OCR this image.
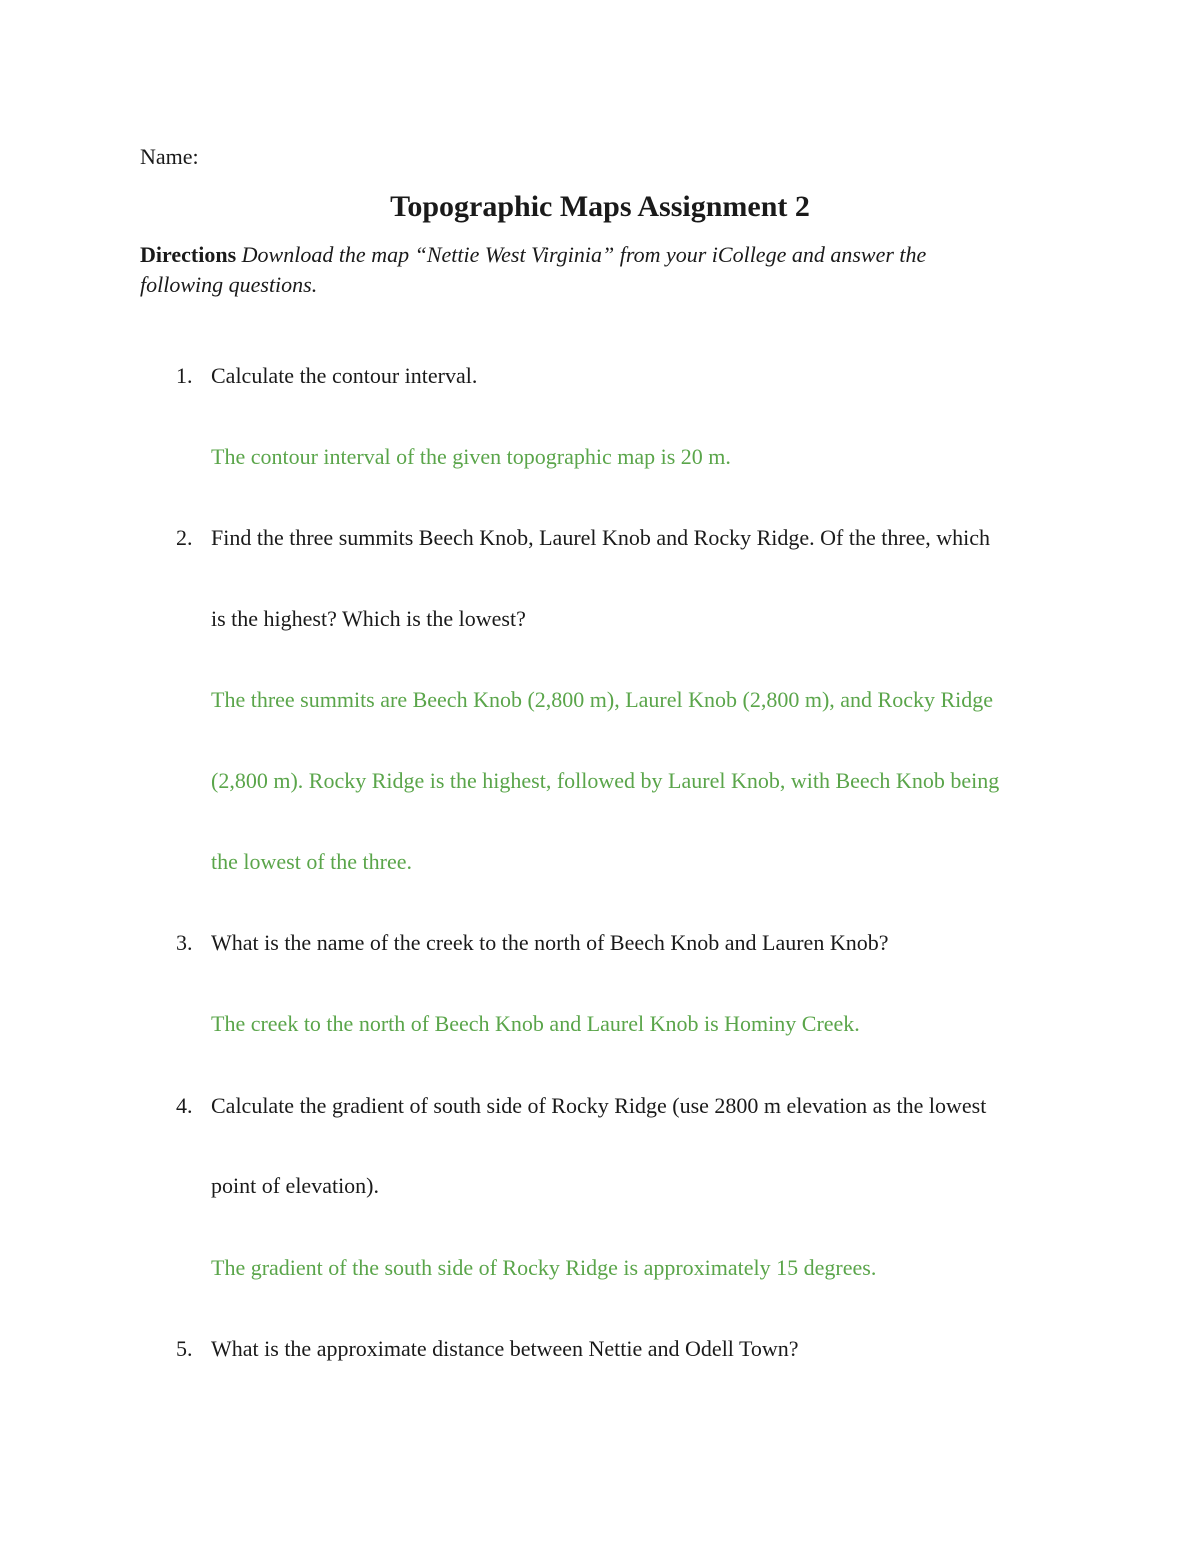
Name:
Topographic Maps Assignment 2
Directions Download the map “Nettie West Virginia” from your iCollege and answer the
following questions.
1. Calculate the contour interval.
The contour interval of the given topographic map is 20 m.
2. Find the three summits Beech Knob, Laurel Knob and Rocky Ridge. Of the three, which
is the highest? Which is the lowest?
The three summits are Beech Knob (2,800 m), Laurel Knob (2,800 m), and Rocky Ridge
(2,800 m). Rocky Ridge is the highest, followed by Laurel Knob, with Beech Knob being
the lowest of the three.
3. What is the name of the creek to the north of Beech Knob and Lauren Knob?
The creek to the north of Beech Knob and Laurel Knob is Hominy Creek.
4. Calculate the gradient of south side of Rocky Ridge (use 2800 m elevation as the lowest
point of elevation).
The gradient of the south side of Rocky Ridge is approximately 15 degrees.
5. What is the approximate distance between Nettie and Odell Town?
